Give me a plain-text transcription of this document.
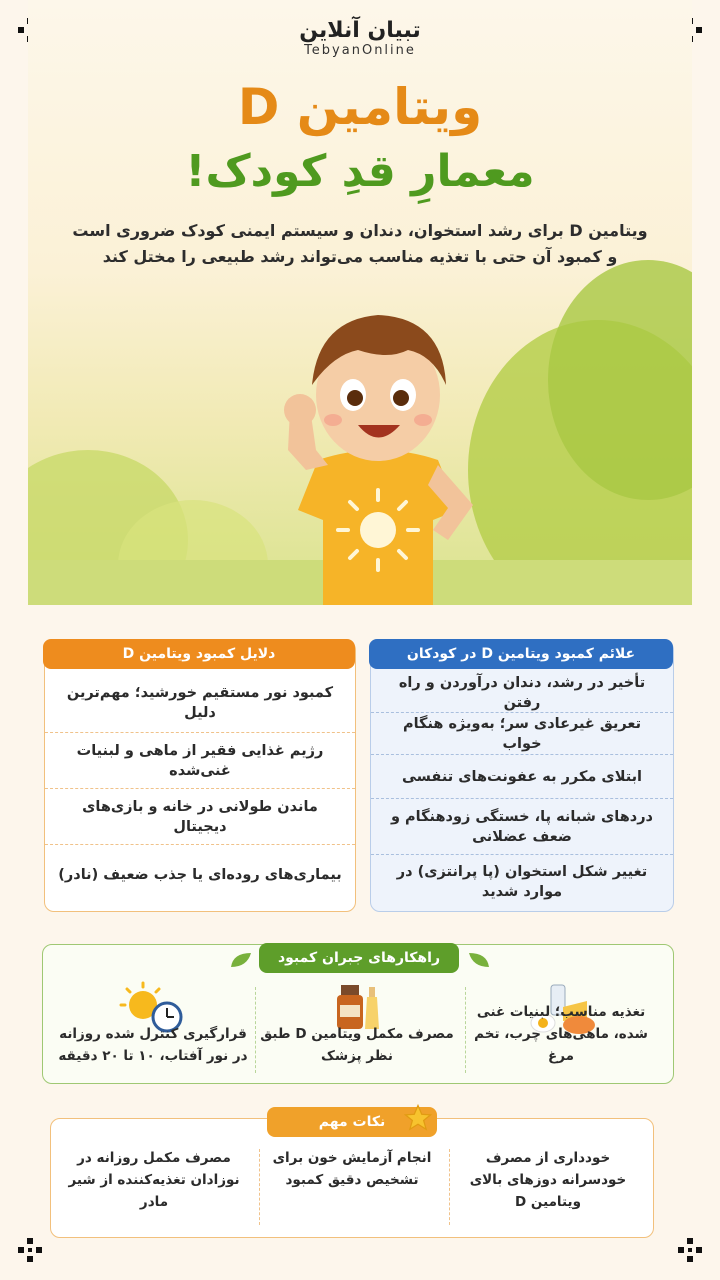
تبیان آنلاین
TebyanOnline
ویتامین D
معمارِ قدِ کودک!
ویتامین D برای رشد استخوان، دندان و سیستم ایمنی کودک ضروری است
و کمبود آن حتی با تغذیه مناسب می‌تواند رشد طبیعی را مختل کند
علائم کمبود ویتامین D در کودکان
تأخیر در رشد، دندان درآوردن و راه رفتن
تعریق غیرعادی سر؛ به‌ویژه هنگام خواب
ابتلای مکرر به عفونت‌های تنفسی
دردهای شبانه پا، خستگی زودهنگام و ضعف عضلانی
تغییر شکل استخوان (پا پرانتزی) در موارد شدید
دلایل کمبود ویتامین D
کمبود نور مستقیم خورشید؛ مهم‌ترین دلیل
رژیم غذایی فقیر از ماهی و لبنیات غنی‌شده
ماندن طولانی در خانه و بازی‌های دیجیتال
بیماری‌های روده‌ای یا جذب ضعیف (نادر)
راهکارهای جبران کمبود
تغذیه مناسب؛ لبنیات غنی شده، ماهی‌های چرب، تخم مرغ
مصرف مکمل ویتامین D طبق نظر پزشک
قرارگیری کنترل شده روزانه در نور آفتاب، ۱۰ تا ۲۰ دقیقه
نکات مهم
خودداری از مصرف خودسرانه دوزهای بالای ویتامین D
انجام آزمایش خون برای تشخیص دقیق کمبود
مصرف مکمل روزانه در نوزادان تغذیه‌کننده از شیر مادر
